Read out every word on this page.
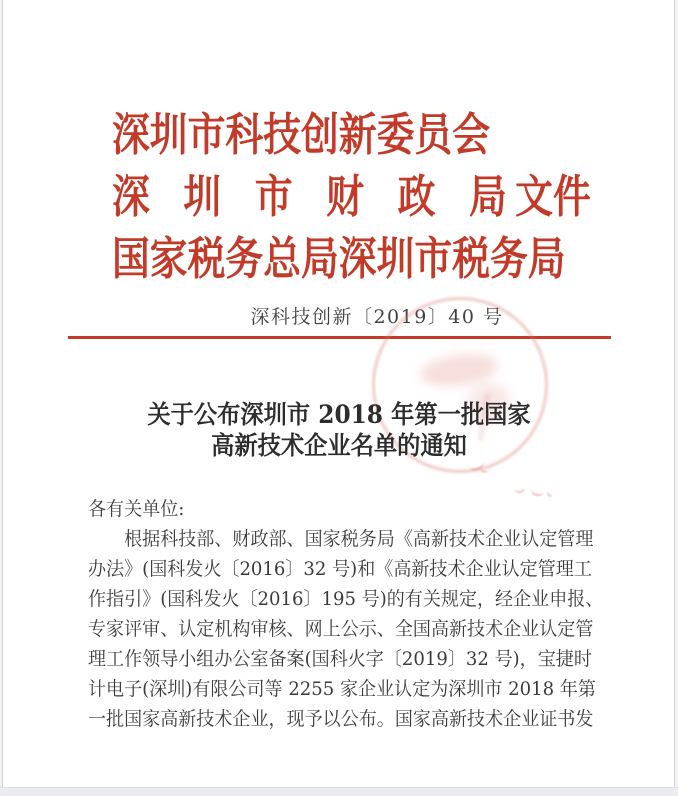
深圳市科技创新委员会
深圳市财政局 文件
国家税务总局深圳市税务局
深科技创新〔2019〕40 号
关于公布深圳市 2018 年第一批国家
高新技术企业名单的通知
各有关单位:
根据科技部、财政部、国家税务局《高新技术企业认定管理
办法》(国科发火〔2016〕32 号)和《高新技术企业认定管理工
作指引》(国科发火〔2016〕195 号)的有关规定，经企业申报、
专家评审、认定机构审核、网上公示、全国高新技术企业认定管
理工作领导小组办公室备案(国科火字〔2019〕32 号)，宝捷时
计电子(深圳)有限公司等 2255 家企业认定为深圳市 2018 年第
一批国家高新技术企业，现予以公布。国家高新技术企业证书发
